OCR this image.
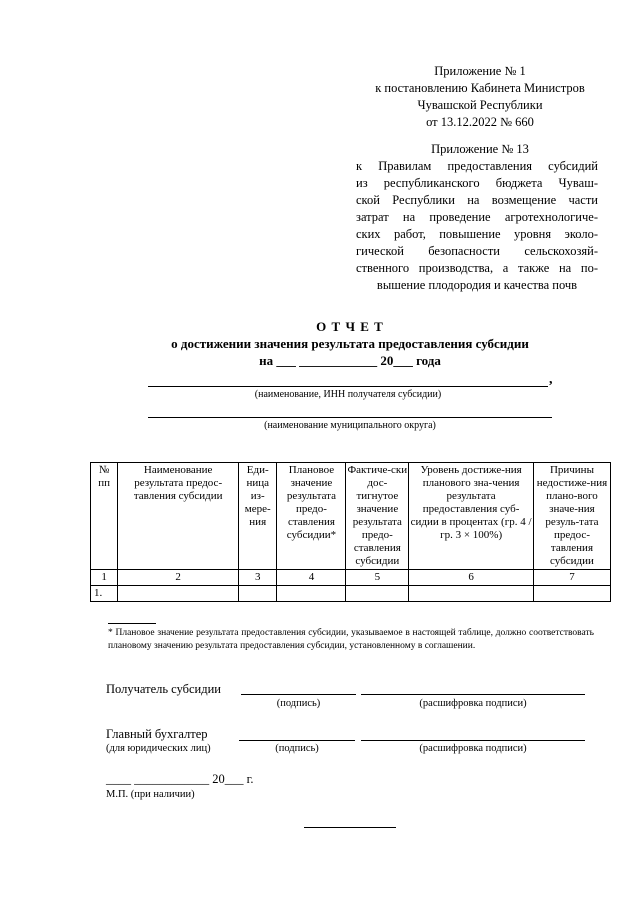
Приложение № 1
к постановлению Кабинета Министров
Чувашской Республики
от 13.12.2022 № 660
Приложение № 13
к Правилам предоставления субсидий
из республиканского бюджета Чуваш-
ской Республики на возмещение части
затрат на проведение агротехнологиче-
ских работ, повышение уровня эколо-
гической безопасности сельскохозяй-
ственного производства, а также на по-
вышение плодородия и качества почв
О Т Ч Е Т
о достижении значения результата предоставления субсидии
на ___ ____________ 20___ года
,
(наименование, ИНН получателя субсидии)
(наименование муниципального округа)
№ пп	Наименование результата предос-тавления субсидии	Еди-ница из-мере-ния	Плановое значение результата предо-ставления субсидии*	Фактиче-ски дос-тигнутое значение результата предо-ставления субсидии	Уровень достиже-ния планового зна-чения результата предоставления суб-сидии в процентах (гр. 4 / гр. 3 × 100%)	Причины недостиже-ния плано-вого значе-ния резуль-тата предос-тавления субсидии
1	2	3	4	5	6	7
1.						
* Плановое значение результата предоставления субсидии, указываемое в настоящей таблице, должно соответствовать плановому значению результата предоставления субсидии, установленному в соглашении.
Получатель субсидии
(подпись)	(расшифровка подписи)
Главный бухгалтер
(для юридических лиц)	(подпись)	(расшифровка подписи)
____ ____________ 20___ г.
М.П. (при наличии)
